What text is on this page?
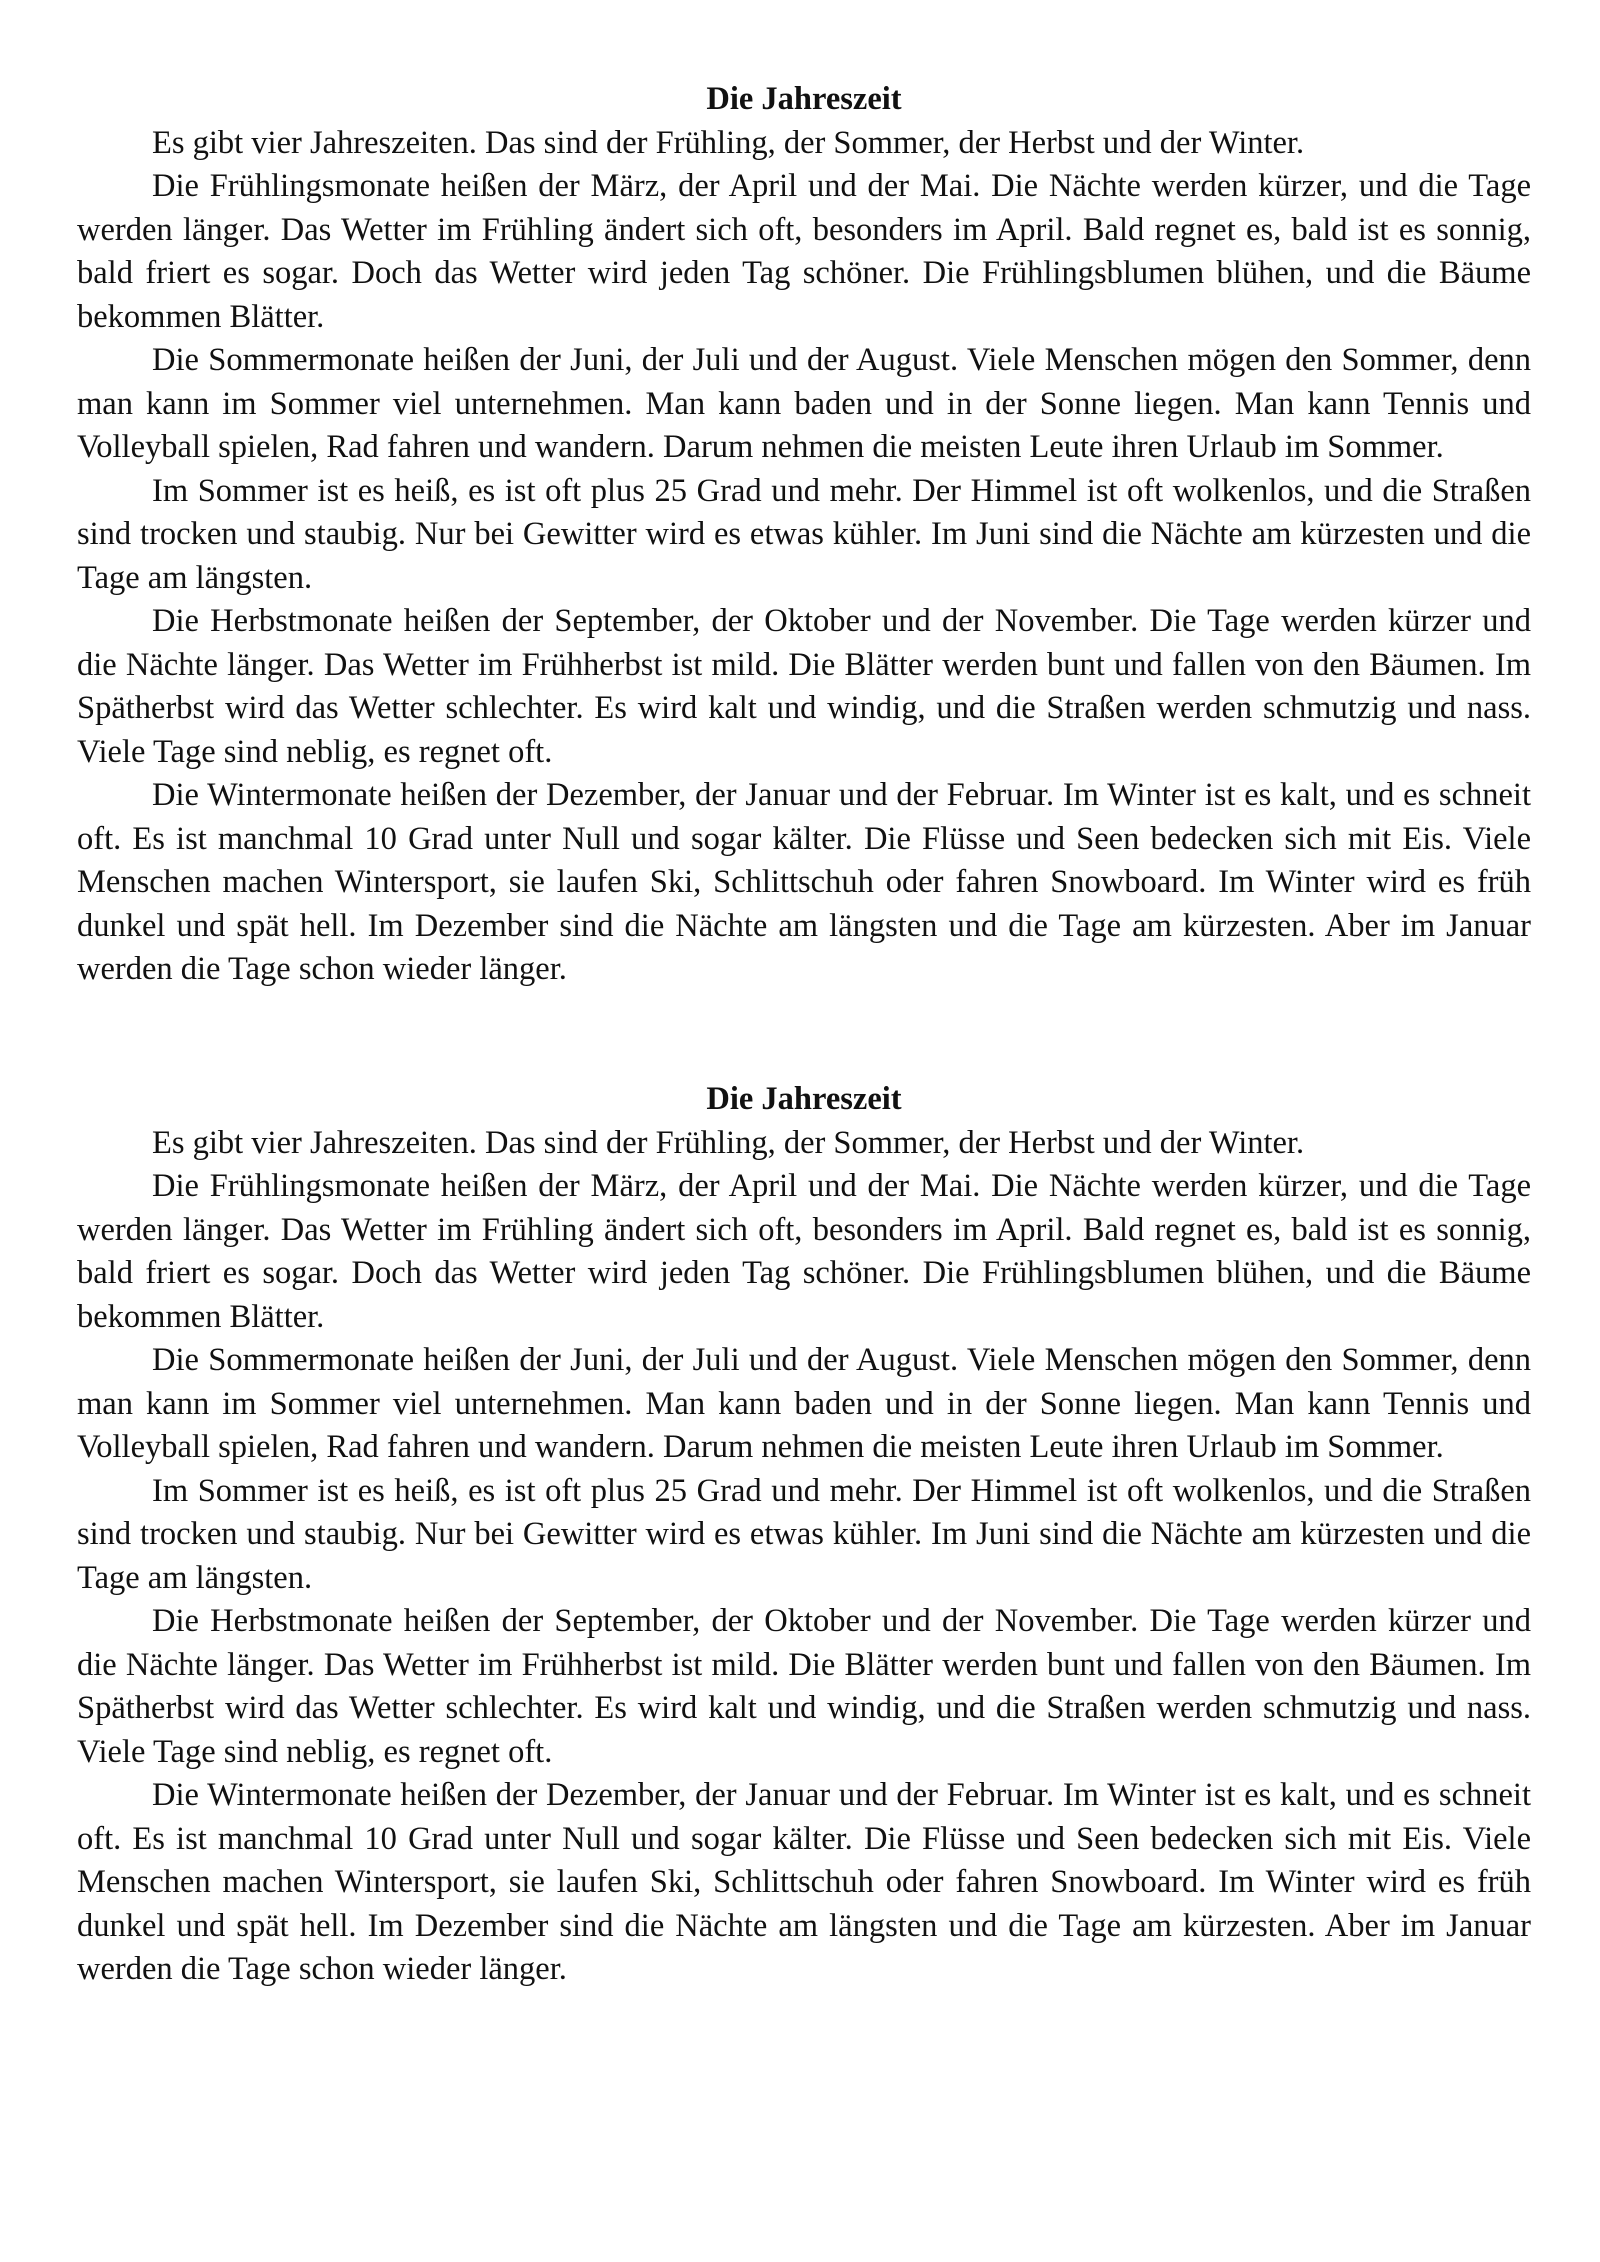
Die Jahreszeit

Es gibt vier Jahreszeiten. Das sind der Frühling, der Sommer, der Herbst und der Winter.

Die Frühlingsmonate heißen der März, der April und der Mai. Die Nächte werden kürzer, und die Tage werden länger. Das Wetter im Frühling ändert sich oft, besonders im April. Bald regnet es, bald ist es sonnig, bald friert es sogar. Doch das Wetter wird jeden Tag schöner. Die Frühlingsblumen blühen, und die Bäume bekommen Blätter.

Die Sommermonate heißen der Juni, der Juli und der August. Viele Menschen mögen den Sommer, denn man kann im Sommer viel unternehmen. Man kann baden und in der Sonne liegen. Man kann Tennis und Volleyball spielen, Rad fahren und wandern. Darum nehmen die meisten Leute ihren Urlaub im Sommer.

Im Sommer ist es heiß, es ist oft plus 25 Grad und mehr. Der Himmel ist oft wolkenlos, und die Straßen sind trocken und staubig. Nur bei Gewitter wird es etwas kühler. Im Juni sind die Nächte am kürzesten und die Tage am längsten.

Die Herbstmonate heißen der September, der Oktober und der November. Die Tage werden kürzer und die Nächte länger. Das Wetter im Frühherbst ist mild. Die Blätter werden bunt und fallen von den Bäumen. Im Spätherbst wird das Wetter schlechter. Es wird kalt und windig, und die Straßen werden schmutzig und nass. Viele Tage sind neblig, es regnet oft.

Die Wintermonate heißen der Dezember, der Januar und der Februar. Im Winter ist es kalt, und es schneit oft. Es ist manchmal 10 Grad unter Null und sogar kälter. Die Flüsse und Seen bedecken sich mit Eis. Viele Menschen machen Wintersport, sie laufen Ski, Schlittschuh oder fahren Snowboard. Im Winter wird es früh dunkel und spät hell. Im Dezember sind die Nächte am längsten und die Tage am kürzesten. Aber im Januar werden die Tage schon wieder länger.

Die Jahreszeit

Es gibt vier Jahreszeiten. Das sind der Frühling, der Sommer, der Herbst und der Winter.

Die Frühlingsmonate heißen der März, der April und der Mai. Die Nächte werden kürzer, und die Tage werden länger. Das Wetter im Frühling ändert sich oft, besonders im April. Bald regnet es, bald ist es sonnig, bald friert es sogar. Doch das Wetter wird jeden Tag schöner. Die Frühlingsblumen blühen, und die Bäume bekommen Blätter.

Die Sommermonate heißen der Juni, der Juli und der August. Viele Menschen mögen den Sommer, denn man kann im Sommer viel unternehmen. Man kann baden und in der Sonne liegen. Man kann Tennis und Volleyball spielen, Rad fahren und wandern. Darum nehmen die meisten Leute ihren Urlaub im Sommer.

Im Sommer ist es heiß, es ist oft plus 25 Grad und mehr. Der Himmel ist oft wolkenlos, und die Straßen sind trocken und staubig. Nur bei Gewitter wird es etwas kühler. Im Juni sind die Nächte am kürzesten und die Tage am längsten.

Die Herbstmonate heißen der September, der Oktober und der November. Die Tage werden kürzer und die Nächte länger. Das Wetter im Frühherbst ist mild. Die Blätter werden bunt und fallen von den Bäumen. Im Spätherbst wird das Wetter schlechter. Es wird kalt und windig, und die Straßen werden schmutzig und nass. Viele Tage sind neblig, es regnet oft.

Die Wintermonate heißen der Dezember, der Januar und der Februar. Im Winter ist es kalt, und es schneit oft. Es ist manchmal 10 Grad unter Null und sogar kälter. Die Flüsse und Seen bedecken sich mit Eis. Viele Menschen machen Wintersport, sie laufen Ski, Schlittschuh oder fahren Snowboard. Im Winter wird es früh dunkel und spät hell. Im Dezember sind die Nächte am längsten und die Tage am kürzesten. Aber im Januar werden die Tage schon wieder länger.
